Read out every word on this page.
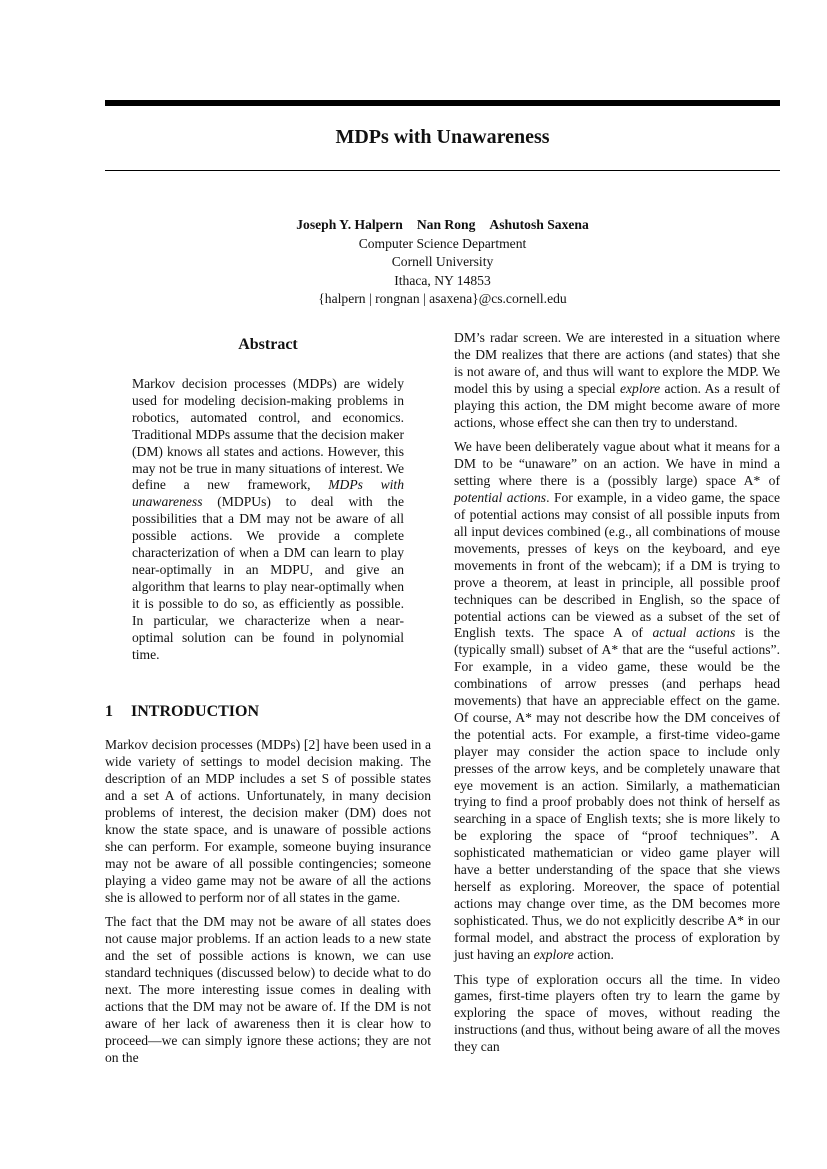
MDPs with Unawareness
Joseph Y. Halpern Nan Rong Ashutosh Saxena
Computer Science Department
Cornell University
Ithaca, NY 14853
{halpern | rongnan | asaxena}@cs.cornell.edu
Abstract
Markov decision processes (MDPs) are widely used for modeling decision-making problems in robotics, automated control, and economics. Traditional MDPs assume that the decision maker (DM) knows all states and actions. However, this may not be true in many situations of interest. We define a new framework, MDPs with unawareness (MDPUs) to deal with the possibilities that a DM may not be aware of all possible actions. We provide a complete characterization of when a DM can learn to play near-optimally in an MDPU, and give an algorithm that learns to play near-optimally when it is possible to do so, as efficiently as possible. In particular, we characterize when a near-optimal solution can be found in polynomial time.
1 INTRODUCTION

Markov decision processes (MDPs) [2] have been used in a wide variety of settings to model decision making. The description of an MDP includes a set S of possible states and a set A of actions. Unfortunately, in many decision problems of interest, the decision maker (DM) does not know the state space, and is unaware of possible actions she can perform. For example, someone buying insurance may not be aware of all possible contingencies; someone playing a video game may not be aware of all the actions she is allowed to perform nor of all states in the game.

The fact that the DM may not be aware of all states does not cause major problems. If an action leads to a new state and the set of possible actions is known, we can use standard techniques (discussed below) to decide what to do next. The more interesting issue comes in dealing with actions that the DM may not be aware of. If the DM is not aware of her lack of awareness then it is clear how to proceed—we can simply ignore these actions; they are not on the

DM’s radar screen. We are interested in a situation where the DM realizes that there are actions (and states) that she is not aware of, and thus will want to explore the MDP. We model this by using a special explore action. As a result of playing this action, the DM might become aware of more actions, whose effect she can then try to understand.

We have been deliberately vague about what it means for a DM to be “unaware” on an action. We have in mind a setting where there is a (possibly large) space A* of potential actions. For example, in a video game, the space of potential actions may consist of all possible inputs from all input devices combined (e.g., all combinations of mouse movements, presses of keys on the keyboard, and eye movements in front of the webcam); if a DM is trying to prove a theorem, at least in principle, all possible proof techniques can be described in English, so the space of potential actions can be viewed as a subset of the set of English texts. The space A of actual actions is the (typically small) subset of A* that are the “useful actions”. For example, in a video game, these would be the combinations of arrow presses (and perhaps head movements) that have an appreciable effect on the game. Of course, A* may not describe how the DM conceives of the potential acts. For example, a first-time video-game player may consider the action space to include only presses of the arrow keys, and be completely unaware that eye movement is an action. Similarly, a mathematician trying to find a proof probably does not think of herself as searching in a space of English texts; she is more likely to be exploring the space of “proof techniques”. A sophisticated mathematician or video game player will have a better understanding of the space that she views herself as exploring. Moreover, the space of potential actions may change over time, as the DM becomes more sophisticated. Thus, we do not explicitly describe A* in our formal model, and abstract the process of exploration by just having an explore action.

This type of exploration occurs all the time. In video games, first-time players often try to learn the game by exploring the space of moves, without reading the instructions (and thus, without being aware of all the moves they can
